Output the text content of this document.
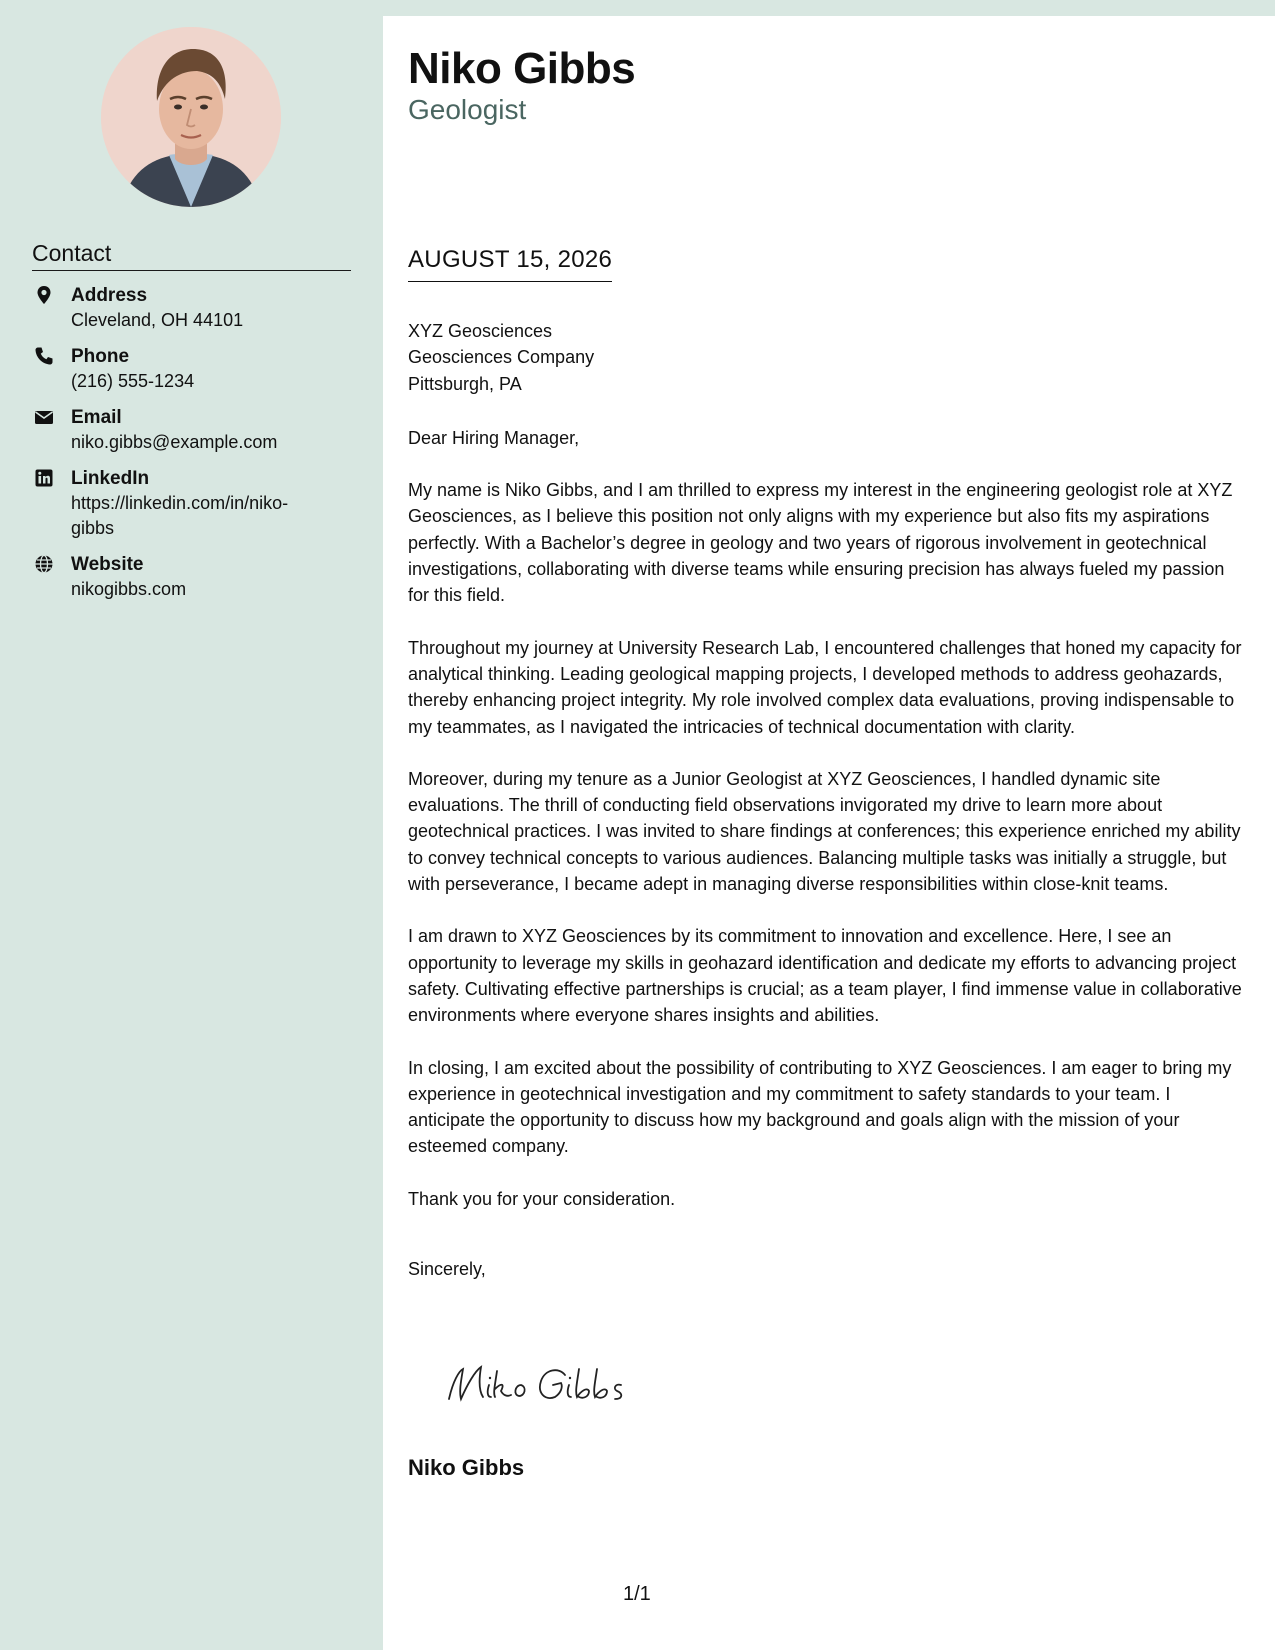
Contact
Address
Cleveland, OH 44101
Phone
(216) 555-1234
Email
niko.gibbs@example.com
LinkedIn
https://linkedin.com/in/niko-gibbs
Website
nikogibbs.com
Niko Gibbs
Geologist
AUGUST 15, 2026
XYZ Geosciences
Geosciences Company
Pittsburgh, PA

Dear Hiring Manager,

My name is Niko Gibbs, and I am thrilled to express my interest in the engineering geologist role at XYZ Geosciences, as I believe this position not only aligns with my experience but also fits my aspirations perfectly. With a Bachelor’s degree in geology and two years of rigorous involvement in geotechnical investigations, collaborating with diverse teams while ensuring precision has always fueled my passion for this field.

Throughout my journey at University Research Lab, I encountered challenges that honed my capacity for analytical thinking. Leading geological mapping projects, I developed methods to address geohazards, thereby enhancing project integrity. My role involved complex data evaluations, proving indispensable to my teammates, as I navigated the intricacies of technical documentation with clarity.

Moreover, during my tenure as a Junior Geologist at XYZ Geosciences, I handled dynamic site evaluations. The thrill of conducting field observations invigorated my drive to learn more about geotechnical practices. I was invited to share findings at conferences; this experience enriched my ability to convey technical concepts to various audiences. Balancing multiple tasks was initially a struggle, but with perseverance, I became adept in managing diverse responsibilities within close-knit teams.

I am drawn to XYZ Geosciences by its commitment to innovation and excellence. Here, I see an opportunity to leverage my skills in geohazard identification and dedicate my efforts to advancing project safety. Cultivating effective partnerships is crucial; as a team player, I find immense value in collaborative environments where everyone shares insights and abilities.

In closing, I am excited about the possibility of contributing to XYZ Geosciences. I am eager to bring my experience in geotechnical investigation and my commitment to safety standards to your team. I anticipate the opportunity to discuss how my background and goals align with the mission of your esteemed company.

Thank you for your consideration.

Sincerely,

Niko Gibbs
1/1
